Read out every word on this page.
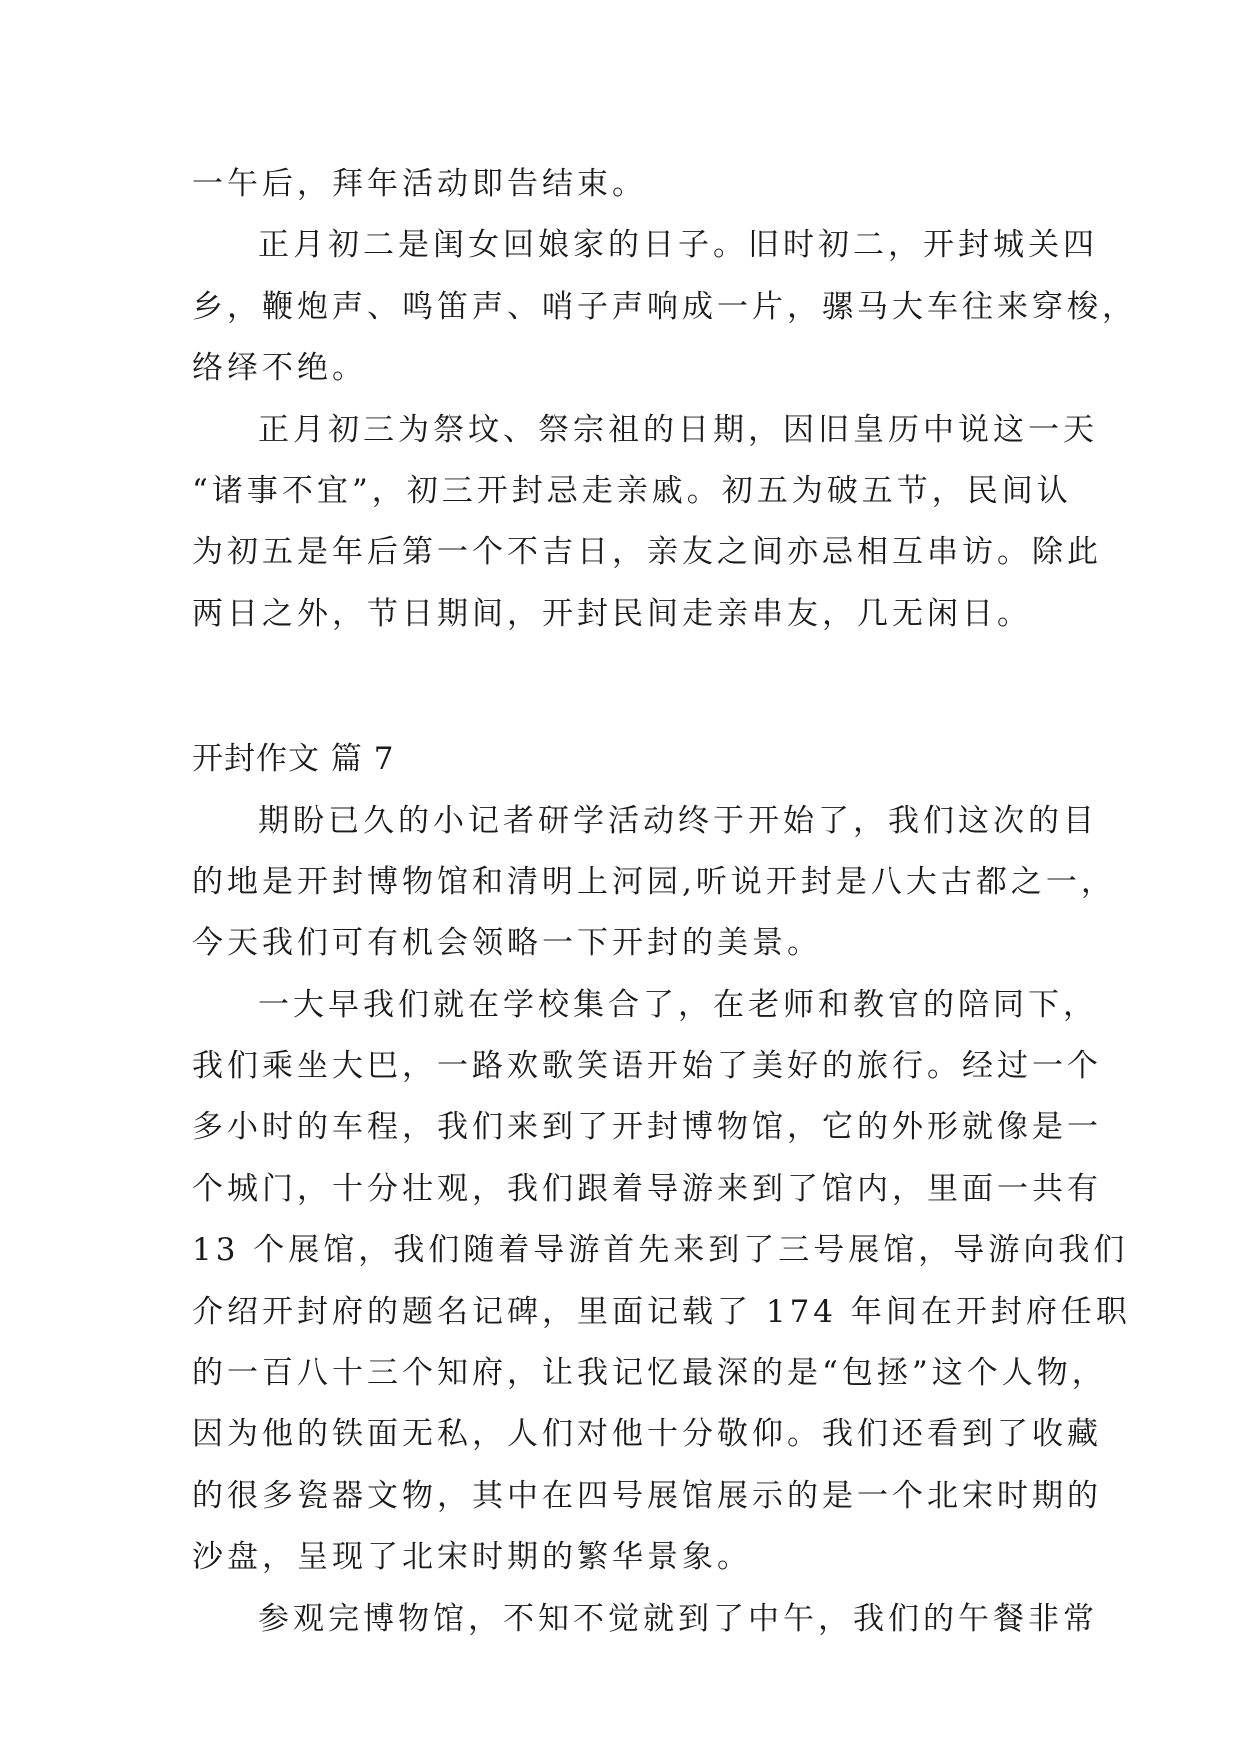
一午后，拜年活动即告结束。
正月初二是闺女回娘家的日子。旧时初二，开封城关四
乡，鞭炮声、鸣笛声、哨子声响成一片，骡马大车往来穿梭，
络绎不绝。
正月初三为祭坟、祭宗祖的日期，因旧皇历中说这一天
“诸事不宜”，初三开封忌走亲戚。初五为破五节，民间认
为初五是年后第一个不吉日，亲友之间亦忌相互串访。除此
两日之外，节日期间，开封民间走亲串友，几无闲日。
开封作文 篇 7
期盼已久的小记者研学活动终于开始了，我们这次的目
的地是开封博物馆和清明上河园,听说开封是八大古都之一，
今天我们可有机会领略一下开封的美景。
一大早我们就在学校集合了，在老师和教官的陪同下，
我们乘坐大巴，一路欢歌笑语开始了美好的旅行。经过一个
多小时的车程，我们来到了开封博物馆，它的外形就像是一
个城门，十分壮观，我们跟着导游来到了馆内，里面一共有
13 个展馆，我们随着导游首先来到了三号展馆，导游向我们
介绍开封府的题名记碑，里面记载了 174 年间在开封府任职
的一百八十三个知府，让我记忆最深的是“包拯”这个人物，
因为他的铁面无私，人们对他十分敬仰。我们还看到了收藏
的很多瓷器文物，其中在四号展馆展示的是一个北宋时期的
沙盘，呈现了北宋时期的繁华景象。
参观完博物馆，不知不觉就到了中午，我们的午餐非常
